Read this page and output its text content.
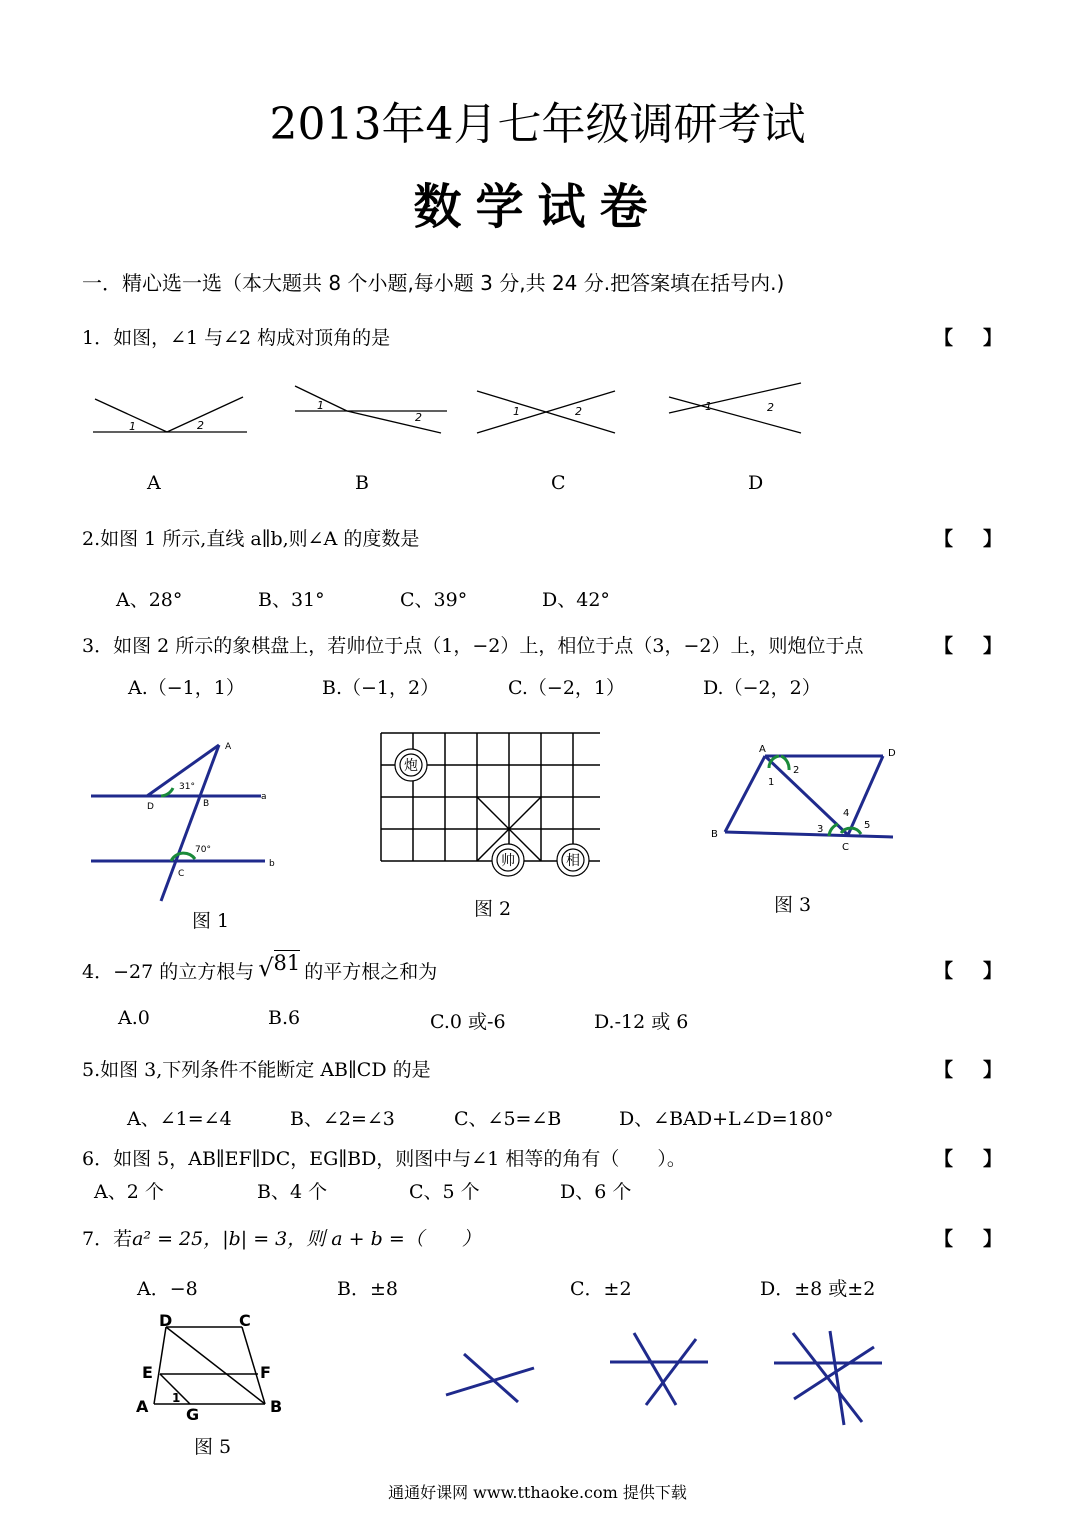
2013年4月七年级调研考试
数学试卷
一．精心选一选（本大题共 8 个小题,每小题 3 分,共 24 分.把答案填在括号内.)
1．如图，∠1 与∠2 构成对顶角的是	【】
1	2
1
2	1	2	1	2
A	B	C	D
2.如图 1 所示,直线 a∥b,则∠A 的度数是	【】
A、28°	B、31°	C、39°	D、42°
3．如图 2 所示的象棋盘上，若帅位于点（1，−2）上，相位于点（3，−2）上，则炮位于点	【】
A.（−1，1）	B.（−1，2）	C.（−2，1）	D.（−2，2）
A
B
C
D
a
b
31°
70°
图 1
炮
帅	相
图 2
A
B
C
D
1
2
3
4
5
图 3
4．−27 的立方根与 √81 的平方根之和为	【】
A.0	B.6	C.0 或-6	D.-12 或 6
5.如图 3,下列条件不能断定 AB∥CD 的是	【】
A、∠1=∠4	B、∠2=∠3	C、∠5=∠B	D、∠BAD+L∠D=180°
6．如图 5，AB∥EF∥DC，EG∥BD，则图中与∠1 相等的角有（　　）。	【】
A、2 个	B、4 个	C、5 个	D、6 个
7．若a² = 25，|b| = 3，则 a + b =（　　）	【】
A．−8	B．±8	C．±2	D．±8 或±2
D	C
E	F
A G	B
1
图 5
通通好课网 www.tthaoke.com 提供下载
